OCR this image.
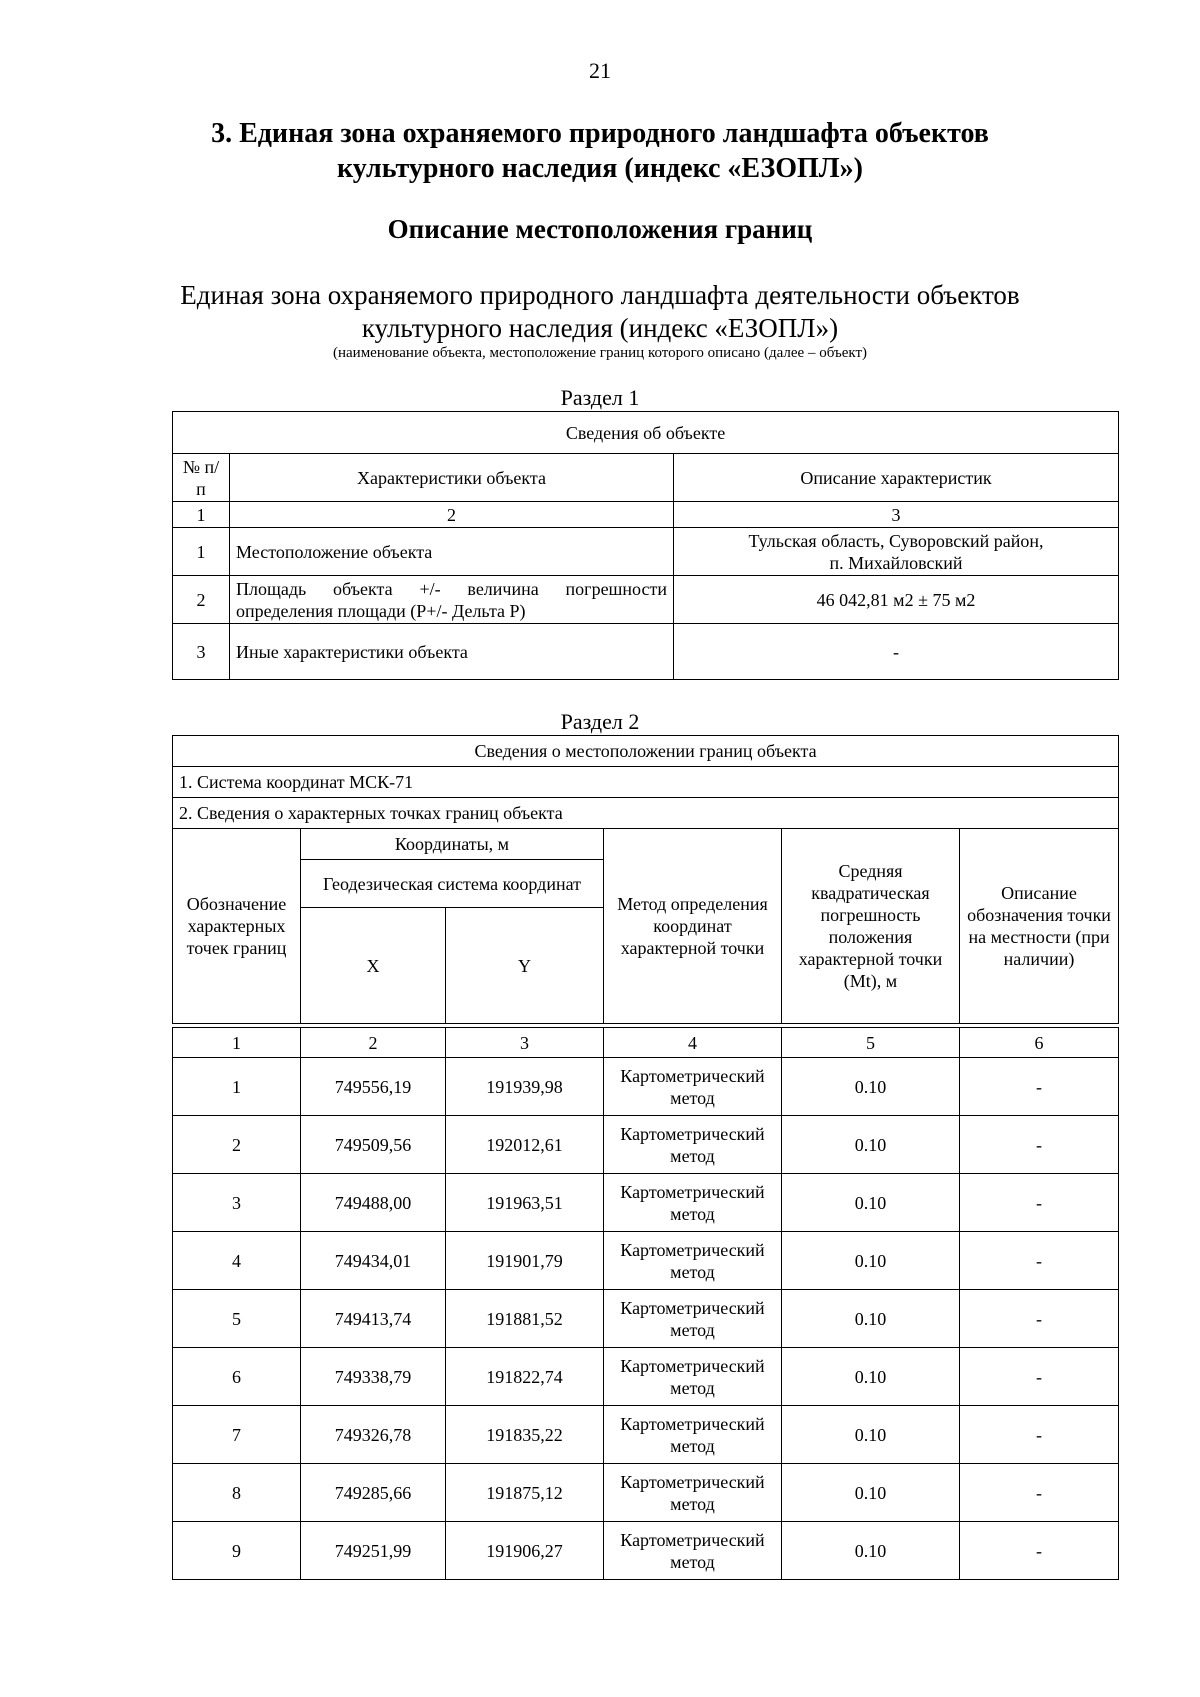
21
3. Единая зона охраняемого природного ландшафта объектов
культурного наследия (индекс «ЕЗОПЛ»)
Описание местоположения границ
Единая зона охраняемого природного ландшафта деятельности объектов
культурного наследия (индекс «ЕЗОПЛ»)
(наименование объекта, местоположение границ которого описано (далее – объект)
Раздел 1
Сведения об объекте		
№ п/п	Характеристики объекта	Описание характеристик
1	2	3
1	Местоположение объекта	Тульская область, Суворовский район,
п. Михайловский

2	Площадь объекта +/- величина погрешности
определения площади (P+/- Дельта P)	46 042,81 м2 ± 75 м2
3	Иные характеристики объекта	-
Раздел 2
Сведения о местоположении границ объекта					
1. Система координат МСК-71					
2. Сведения о характерных точках границ объекта					
Обозначение характерных точек границ	Координаты, м		Метод определения координат характерной точки	Средняя квадратическая погрешность положения характерной точки (Mt), м	Описание обозначения точки на местности (при наличии)
	Геодезическая система координат				
	X	Y			

1	2	3	4	5	6
1	749556,19	191939,98	Картометрический метод	0.10	-
2	749509,56	192012,61	Картометрический метод	0.10	-
3	749488,00	191963,51	Картометрический метод	0.10	-
4	749434,01	191901,79	Картометрический метод	0.10	-
5	749413,74	191881,52	Картометрический метод	0.10	-
6	749338,79	191822,74	Картометрический метод	0.10	-
7	749326,78	191835,22	Картометрический метод	0.10	-
8	749285,66	191875,12	Картометрический метод	0.10	-
9	749251,99	191906,27	Картометрический метод	0.10	-
